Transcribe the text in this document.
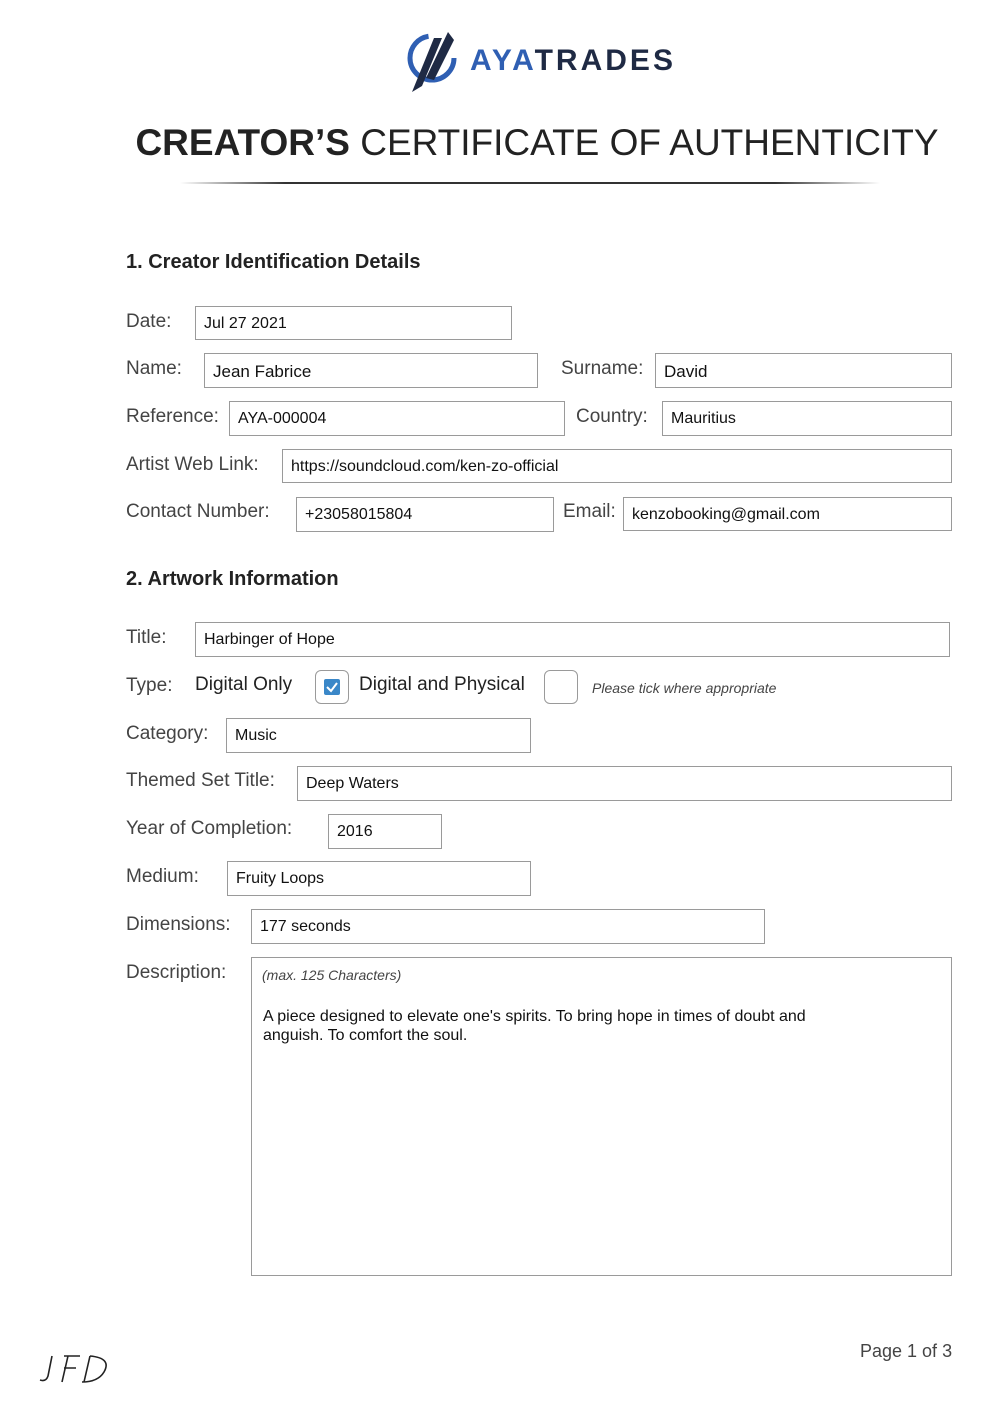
AYATRADES
CREATOR’S CERTIFICATE OF AUTHENTICITY
1. Creator Identification Details
Date:	Jul 27 2021
Name:	Jean Fabrice	Surname:	David
Reference:	AYA-000004	Country:	Mauritius
Artist Web Link:	https://soundcloud.com/ken-zo-official
Contact Number:	+23058015804	Email:	kenzobooking@gmail.com
2. Artwork Information
Title:	Harbinger of Hope
Type: Digital Only	Digital and Physical	Please tick where appropriate
Category:	Music
Themed Set Title:	Deep Waters
Year of Completion:	2016
Medium:	Fruity Loops
Dimensions:	177 seconds
Description:	(max. 125 Characters)
A piece designed to elevate one's spirits. To bring hope in times of doubt and anguish. To comfort the soul.
Page 1 of 3
